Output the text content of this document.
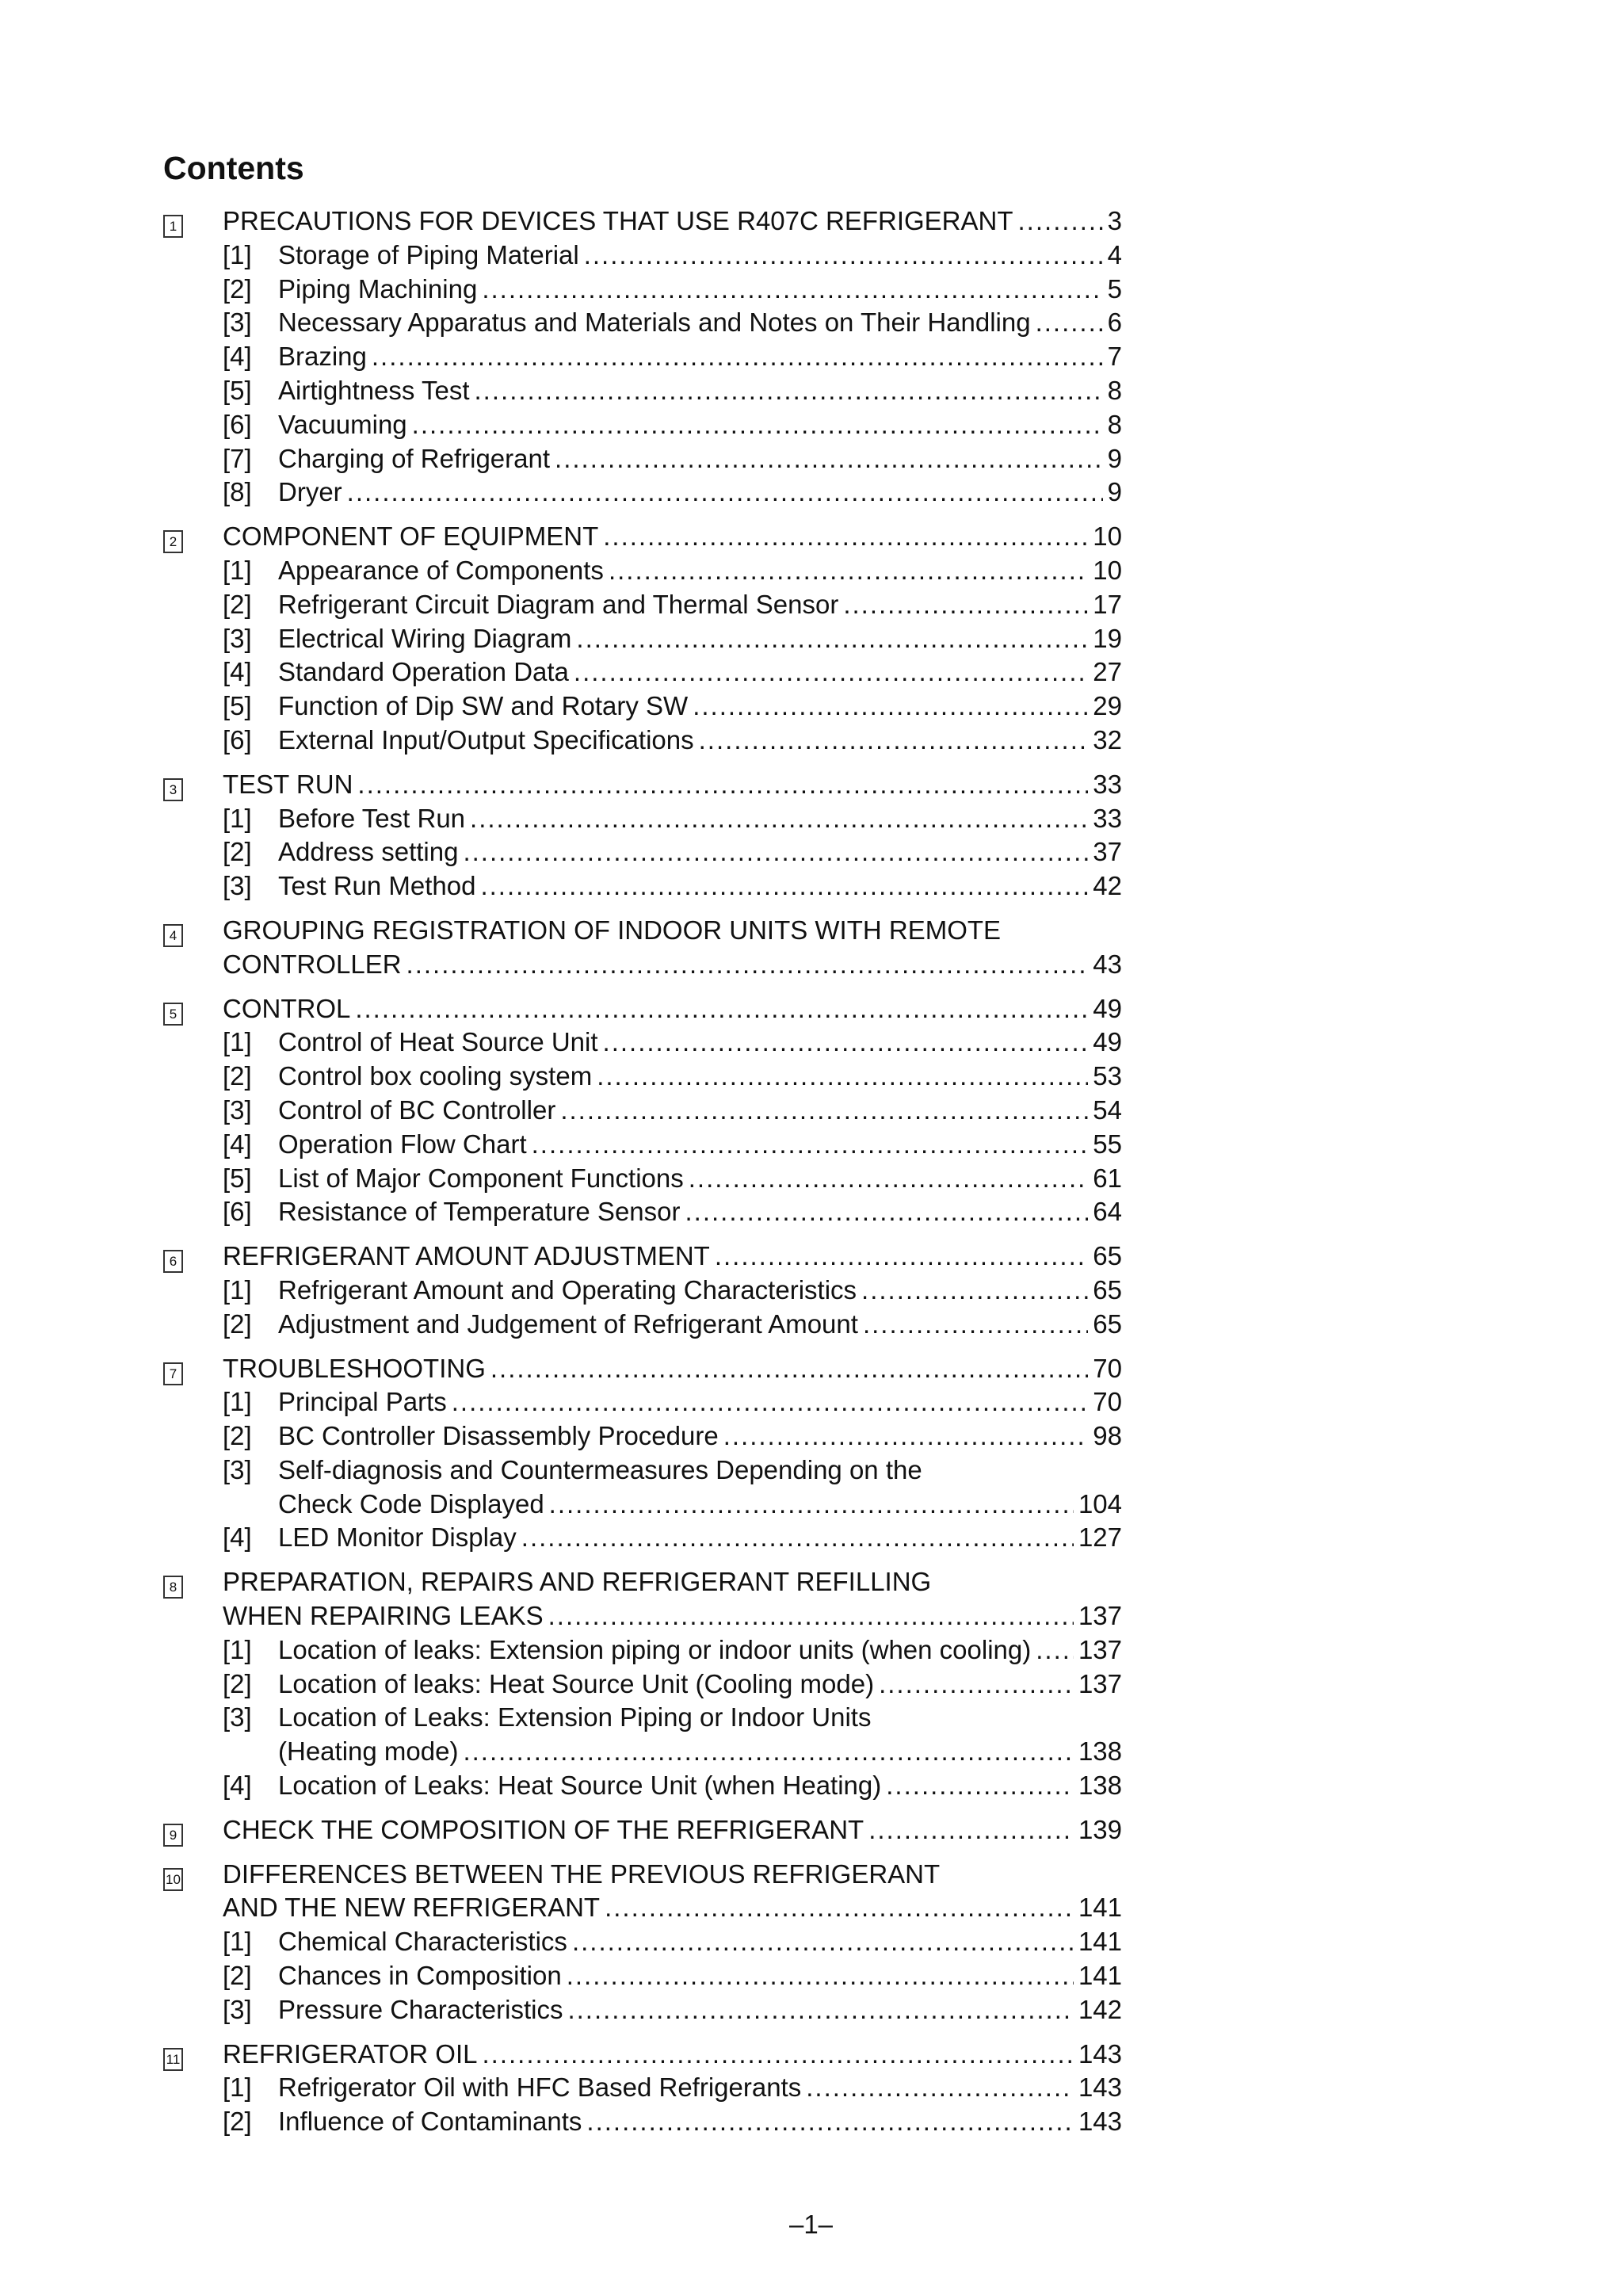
Contents
1	PRECAUTIONS FOR DEVICES THAT USE R407C REFRIGERANT .....	3
[1]	Storage of Piping Material .....	4
[2]	Piping Machining .....	5
[3]	Necessary Apparatus and Materials and Notes on Their Handling .....	6
[4]	Brazing .....	7
[5]	Airtightness Test .....	8
[6]	Vacuuming .....	8
[7]	Charging of Refrigerant .....	9
[8]	Dryer .....	9
2	COMPONENT OF EQUIPMENT .....	10
[1]	Appearance of Components .....	10
[2]	Refrigerant Circuit Diagram and Thermal Sensor .....	17
[3]	Electrical Wiring Diagram .....	19
[4]	Standard Operation Data .....	27
[5]	Function of Dip SW and Rotary SW .....	29
[6]	External Input/Output Specifications .....	32
3	TEST RUN .....	33
[1]	Before Test Run .....	33
[2]	Address setting .....	37
[3]	Test Run Method .....	42
4	GROUPING REGISTRATION OF INDOOR UNITS WITH REMOTE
CONTROLLER .....	43
5	CONTROL .....	49
[1]	Control of Heat Source Unit .....	49
[2]	Control box cooling system .....	53
[3]	Control of BC Controller .....	54
[4]	Operation Flow Chart .....	55
[5]	List of Major Component Functions .....	61
[6]	Resistance of Temperature Sensor .....	64
6	REFRIGERANT AMOUNT ADJUSTMENT .....	65
[1]	Refrigerant Amount and Operating Characteristics .....	65
[2]	Adjustment and Judgement of Refrigerant Amount .....	65
7	TROUBLESHOOTING .....	70
[1]	Principal Parts .....	70
[2]	BC Controller Disassembly Procedure .....	98
[3]	Self-diagnosis and Countermeasures Depending on the
Check Code Displayed .....	104
[4]	LED Monitor Display .....	127
8	PREPARATION, REPAIRS AND REFRIGERANT REFILLING
WHEN REPAIRING LEAKS .....	137
[1]	Location of leaks: Extension piping or indoor units (when cooling) ..... 137
[2]	Location of leaks: Heat Source Unit (Cooling mode) .....	137
[3]	Location of Leaks: Extension Piping or Indoor Units
(Heating mode) .....	138
[4]	Location of Leaks: Heat Source Unit (when Heating) .....	138
9	CHECK THE COMPOSITION OF THE REFRIGERANT .....	139
10	DIFFERENCES BETWEEN THE PREVIOUS REFRIGERANT
AND THE NEW REFRIGERANT .....	141
[1]	Chemical Characteristics .....	141
[2]	Chances in Composition .....	141
[3]	Pressure Characteristics .....	142
11	REFRIGERATOR OIL .....	143
[1]	Refrigerator Oil with HFC Based Refrigerants .....	143
[2]	Influence of Contaminants .....	143
–1–
